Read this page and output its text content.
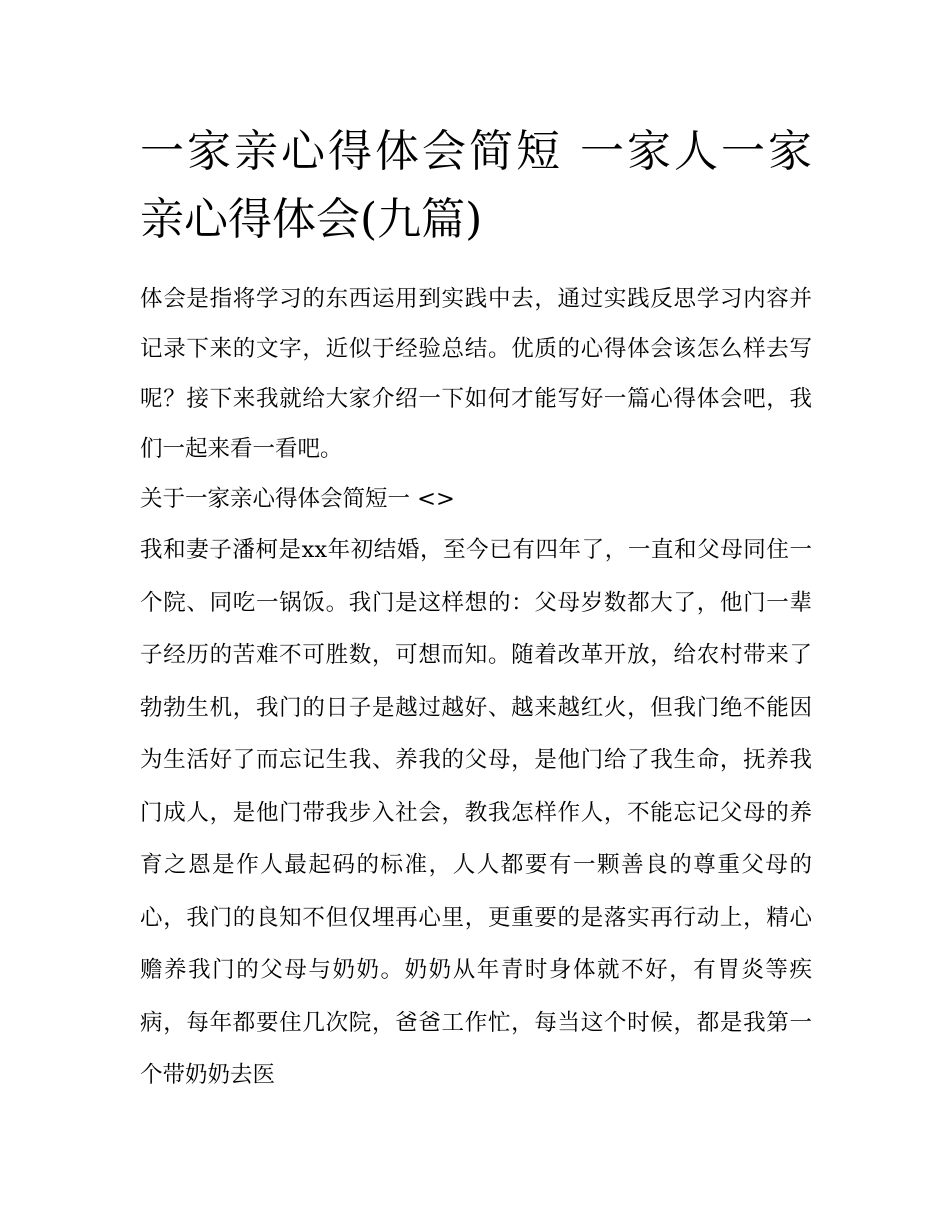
一家亲心得体会简短 一家人一家亲心得体会(九篇)

体会是指将学习的东西运用到实践中去，通过实践反思学习内容并记录下来的文字，近似于经验总结。优质的心得体会该怎么样去写呢？接下来我就给大家介绍一下如何才能写好一篇心得体会吧，我们一起来看一看吧。

关于一家亲心得体会简短一 <>

我和妻子潘柯是xx年初结婚，至今已有四年了，一直和父母同住一个院、同吃一锅饭。我门是这样想的：父母岁数都大了，他门一辈子经历的苦难不可胜数，可想而知。随着改革开放，给农村带来了勃勃生机，我门的日子是越过越好、越来越红火，但我门绝不能因为生活好了而忘记生我、养我的父母，是他门给了我生命，抚养我门成人，是他门带我步入社会，教我怎样作人，不能忘记父母的养育之恩是作人最起码的标准，人人都要有一颗善良的尊重父母的心，我门的良知不但仅埋再心里，更重要的是落实再行动上，精心赡养我门的父母与奶奶。奶奶从年青时身体就不好，有胃炎等疾病，每年都要住几次院，爸爸工作忙，每当这个时候，都是我第一个带奶奶去医
